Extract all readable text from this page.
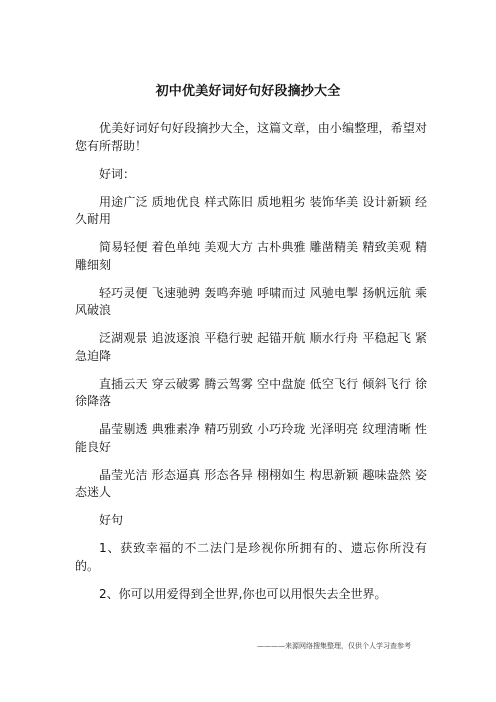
初中优美好词好句好段摘抄大全

优美好词好句好段摘抄大全，这篇文章，由小编整理，希望对您有所帮助！

好词：

用途广泛 质地优良 样式陈旧 质地粗劣 装饰华美 设计新颖 经久耐用

简易轻便 着色单纯 美观大方 古朴典雅 雕凿精美 精致美观 精雕细刻

轻巧灵便 飞速驰骋 轰鸣奔驰 呼啸而过 风驰电掣 扬帆远航 乘风破浪

泛湖观景 追波逐浪 平稳行驶 起锚开航 顺水行舟 平稳起飞 紧急迫降

直插云天 穿云破雾 腾云驾雾 空中盘旋 低空飞行 倾斜飞行 徐徐降落

晶莹剔透 典雅素净 精巧别致 小巧玲珑 光泽明亮 纹理清晰 性能良好

晶莹光洁 形态逼真 形态各异 栩栩如生 构思新颖 趣味盎然 姿态迷人

好句

1、获致幸福的不二法门是珍视你所拥有的、遗忘你所没有的。

2、你可以用爱得到全世界,你也可以用恨失去全世界。

————来源网络搜集整理，仅供个人学习查参考
